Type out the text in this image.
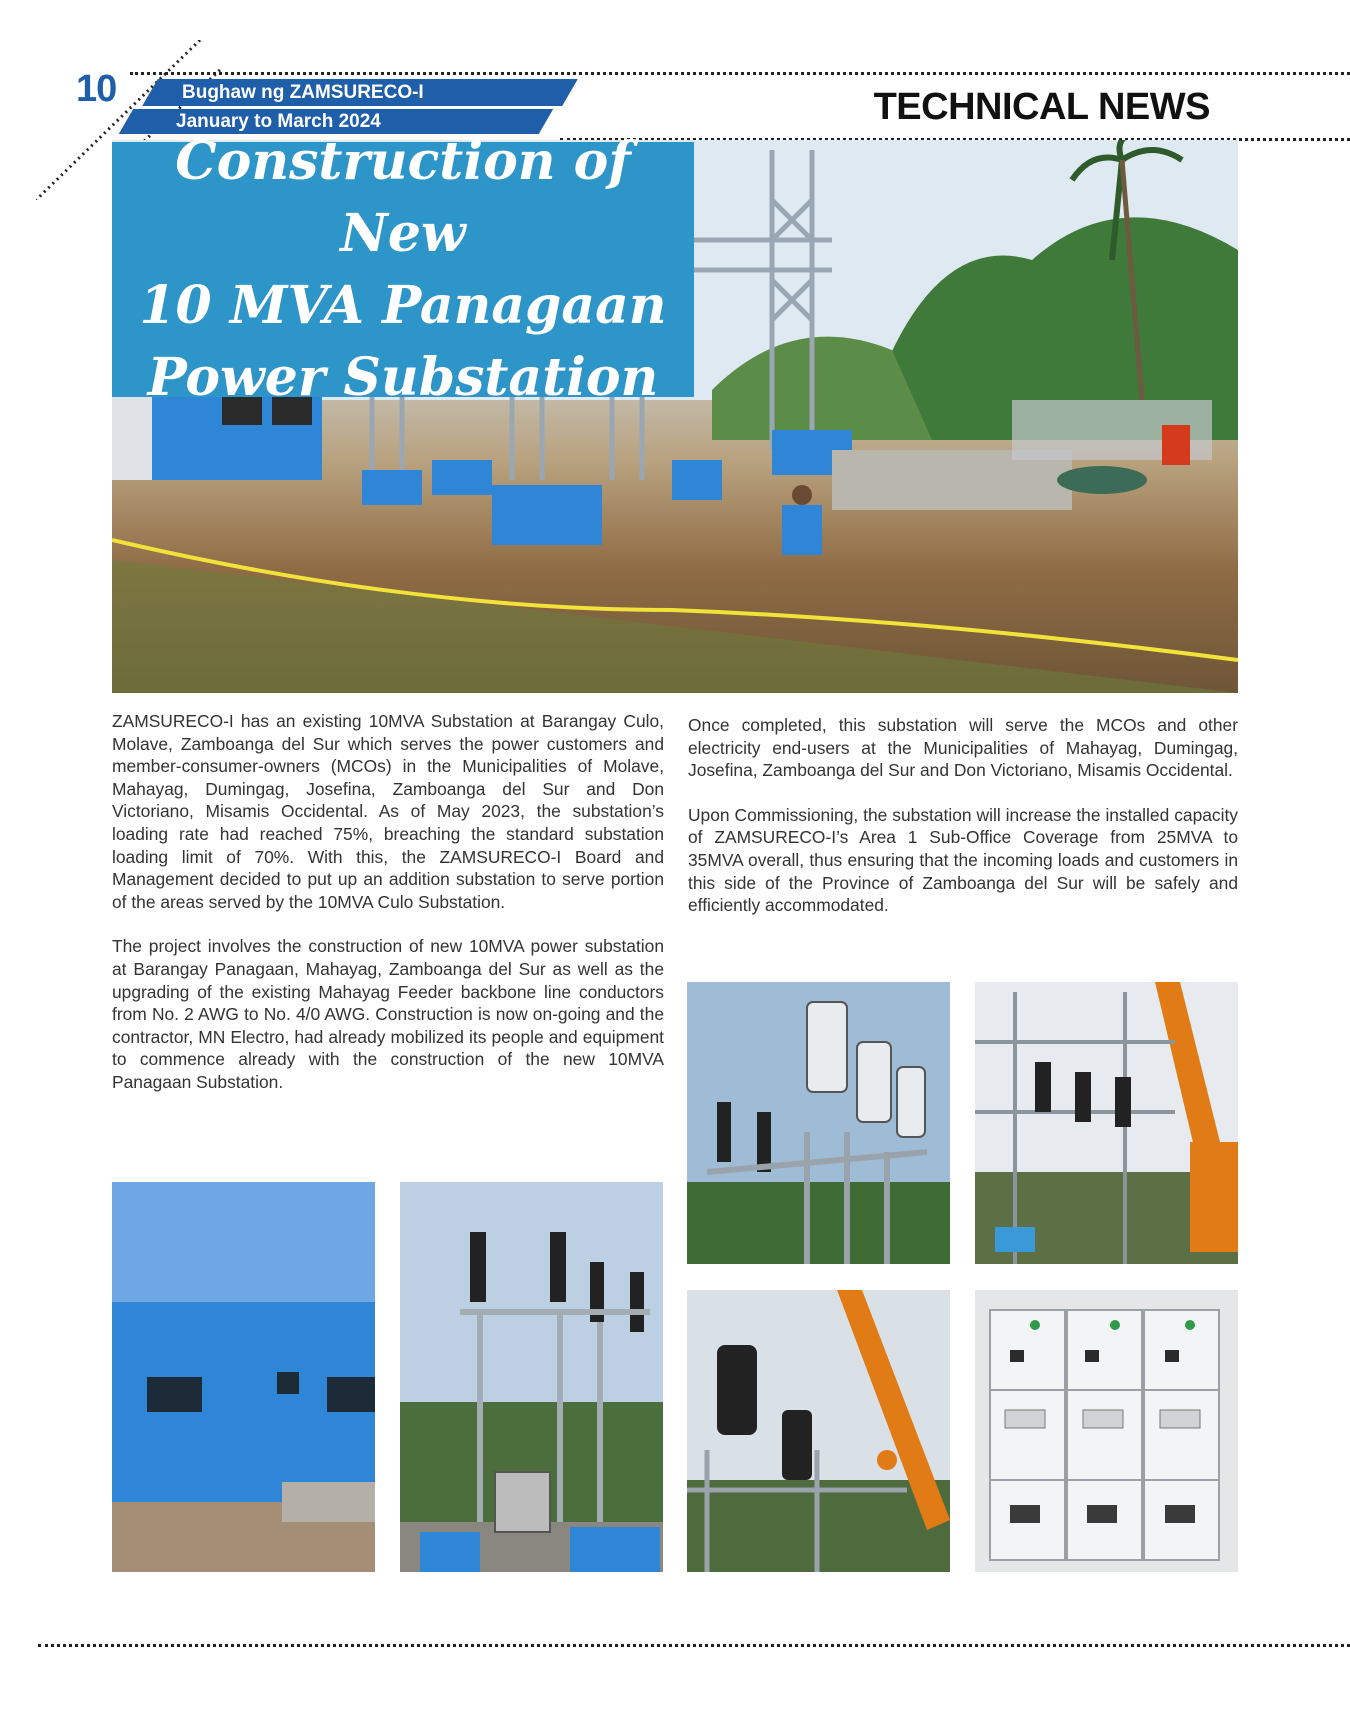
10	Bughaw ng ZAMSURECO-I
January to March 2024	TECHNICAL NEWS
Construction of New
10 MVA Panagaan
Power Substation

ZAMSURECO-I has an existing 10MVA Substation at Barangay Culo, Molave, Zamboanga del Sur which serves the power customers and member-consumer-owners (MCOs) in the Municipalities of Molave, Mahayag, Dumingag, Josefina, Zamboanga del Sur and Don Victoriano, Misamis Occidental. As of May 2023, the substation’s loading rate had reached 75%, breaching the standard substation loading limit of 70%. With this, the ZAMSURECO-I Board and Management decided to put up an addition substation to serve portion of the areas served by the 10MVA Culo Substation.

The project involves the construction of new 10MVA power substation at Barangay Panagaan, Mahayag, Zamboanga del Sur as well as the upgrading of the existing Mahayag Feeder backbone line conductors from No. 2 AWG to No. 4/0 AWG. Construction is now on-going and the contractor, MN Electro, had already mobilized its people and equipment to commence already with the construction of the new 10MVA Panagaan Substation.

Once completed, this substation will serve the MCOs and other electricity end-users at the Municipalities of Mahayag, Dumingag, Josefina, Zamboanga del Sur and Don Victoriano, Misamis Occidental.

Upon Commissioning, the substation will increase the installed capacity of ZAMSURECO-I’s Area 1 Sub-Office Coverage from 25MVA to 35MVA overall, thus ensuring that the incoming loads and customers in this side of the Province of Zamboanga del Sur will be safely and efficiently accommodated.
